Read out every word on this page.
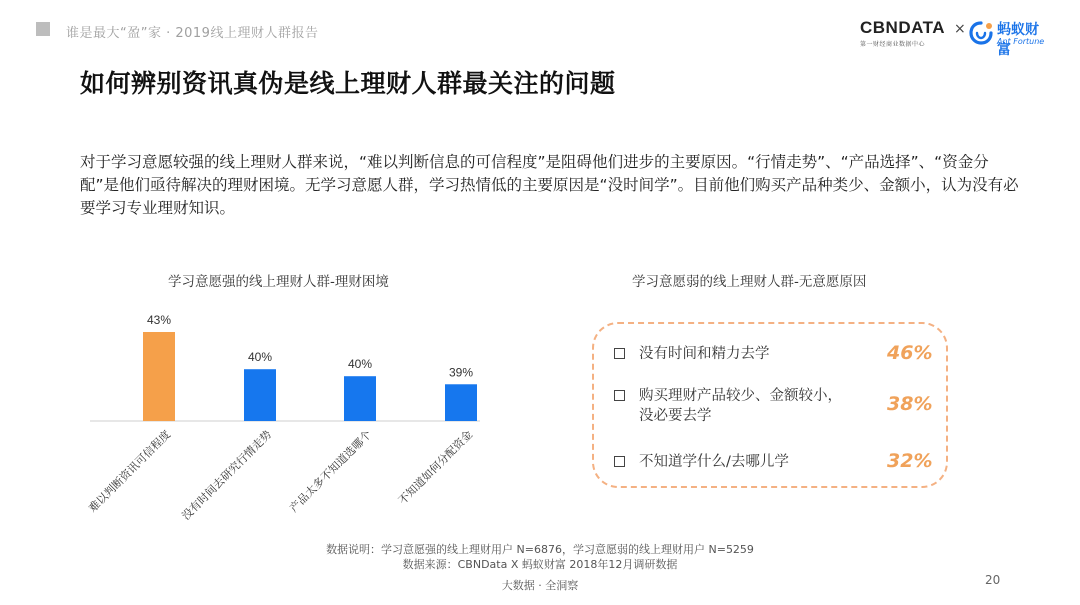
谁是最大“盈”家 · 2019线上理财人群报告	CBNDATA
第一财经商业数据中心
× 蚂蚁财富
Ant Fortune
如何辨别资讯真伪是线上理财人群最关注的问题
对于学习意愿较强的线上理财人群来说，“难以判断信息的可信程度”是阻碍他们进步的主要原因。“行情走势”、“产品选择”、“资金分配”是他们亟待解决的理财困境。无学习意愿人群，学习热情低的主要原因是“没时间学”。目前他们购买产品种类少、金额小，认为没有必要学习专业理财知识。
学习意愿强的线上理财人群-理财困境
43%
难以判断资讯可信程度
40%
没有时间去研究行情走势
40%
产品太多不知道选哪个
39%
不知道如何分配资金
学习意愿弱的线上理财人群-无意愿原因
没有时间和精力去学	46%
购买理财产品较少、金额较小，
没必要去学
38%
不知道学什么/去哪儿学	32%
数据说明：学习意愿强的线上理财用户 N=6876，学习意愿弱的线上理财用户 N=5259
数据来源：CBNData X 蚂蚁财富 2018年12月调研数据
大数据 · 全洞察	20
